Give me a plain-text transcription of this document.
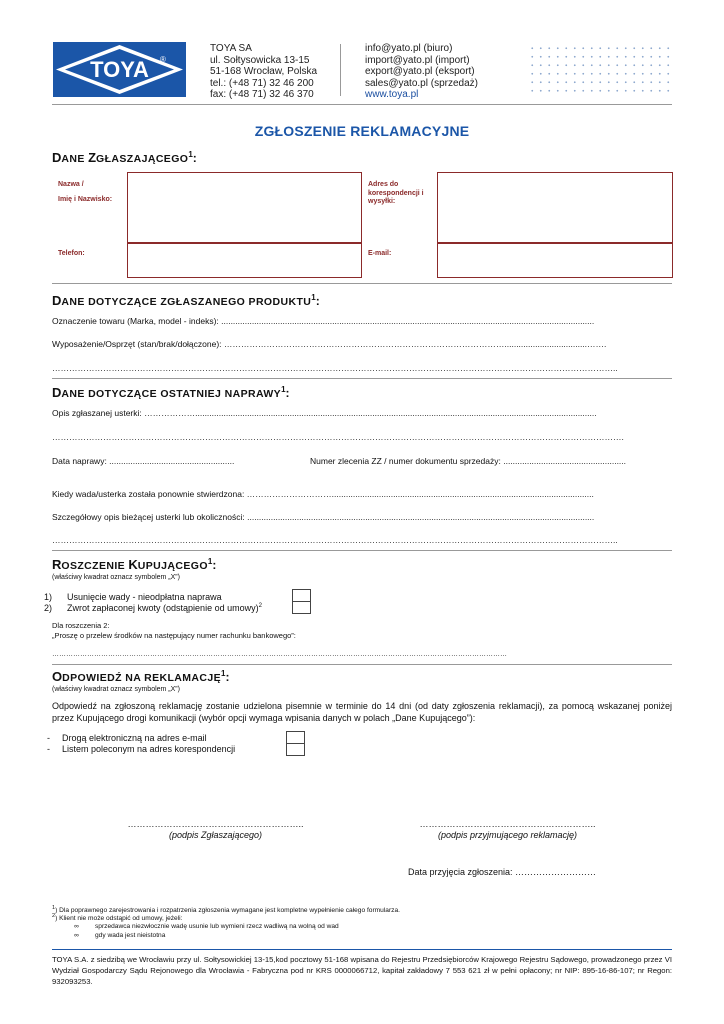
TOYA ®
TOYA SA
ul. Sołtysowicka 13-15
51-168 Wrocław, Polska
tel.: (+48 71) 32 46 200
fax: (+48 71) 32 46 370
info@yato.pl (biuro)
import@yato.pl (import)
export@yato.pl (eksport)
sales@yato.pl (sprzedaż)
www.toya.pl
ZGŁOSZENIE REKLAMACYJNE
DANE ZGŁASZAJĄCEGO$^1$:
Nazwa /
Imię i Nazwisko:
Adres do korespondencji i wysyłki:
Telefon:	E-mail:
DANE DOTYCZĄCE ZGŁASZANEGO PRODUKTU$^1$:
Oznaczenie towaru (Marka, model - indeks): ..............................................................................................................................................................
Wyposażenie/Osprzęt (stan/brak/dołączone): ………………………………………………………………………………………...................................…….
………………………………………………………………………………………………………………………………………………………………………………..
DANE DOTYCZĄCE OSTATNIEJ NAPRAWY$^1$:
Opis zgłaszanej usterki: ………………..........................................................................................................................................................................
………………………………………………………………………………………………………………………………………………………………………………….
Data naprawy: .....................................................	Numer zlecenia ZZ / numer dokumentu sprzedaży: ....................................................
Kiedy wada/usterka została ponownie stwierdzona: …………………………...............................................................................................................
Szczegółowy opis bieżącej usterki lub okoliczności: ...................................................................................................................................................
………………………………………………………………………………………………………………………………………………………………………………..
ROSZCZENIE KUPUJĄCEGO$^1$:
(właściwy kwadrat oznacz symbolem „X”)
1) Usunięcie wady - nieodpłatna naprawa
2) Zwrot zapłaconej kwoty (odstąpienie od umowy)$^2$
Dla roszczenia 2:
„Proszę o przelew środków na następujący numer rachunku bankowego”:
……………………………………………………………………………………………………………………………………………………………………………
ODPOWIEDŹ NA REKLAMACJĘ$^1$:
(właściwy kwadrat oznacz symbolem „X”)
Odpowiedź na zgłoszoną reklamację zostanie udzielona pisemnie w terminie do 14 dni (od daty zgłoszenia reklamacji), za pomocą wskazanej poniżej przez Kupującego drogi komunikacji (wybór opcji wymaga wpisania danych w polach „Dane Kupującego”):
- Drogą elektroniczną na adres e-mail
- Listem poleconym na adres korespondencji
…………………………………………………..
(podpis Zgłaszającego)
…………………………………………………..
(podpis przyjmującego reklamację)
Data przyjęcia zgłoszenia: ………………………
$^1$) Dla poprawnego zarejestrowania i rozpatrzenia zgłoszenia wymagane jest kompletne wypełnienie całego formularza.
$^2$) Klient nie może odstąpić od umowy, jeżeli:
∞ sprzedawca niezwłocznie wadę usunie lub wymieni rzecz wadliwą na wolną od wad
∞ gdy wada jest nieistotna
TOYA S.A. z siedzibą we Wrocławiu przy ul. Sołtysowickiej 13-15,kod pocztowy 51-168 wpisana do Rejestru Przedsiębiorców Krajowego Rejestru Sądowego, prowadzonego przez VI Wydział Gospodarczy Sądu Rejonowego dla Wrocławia - Fabryczna pod nr KRS 0000066712, kapitał zakładowy 7 553 621 zł w pełni opłacony; nr NIP: 895-16-86-107; nr Regon: 932093253.
